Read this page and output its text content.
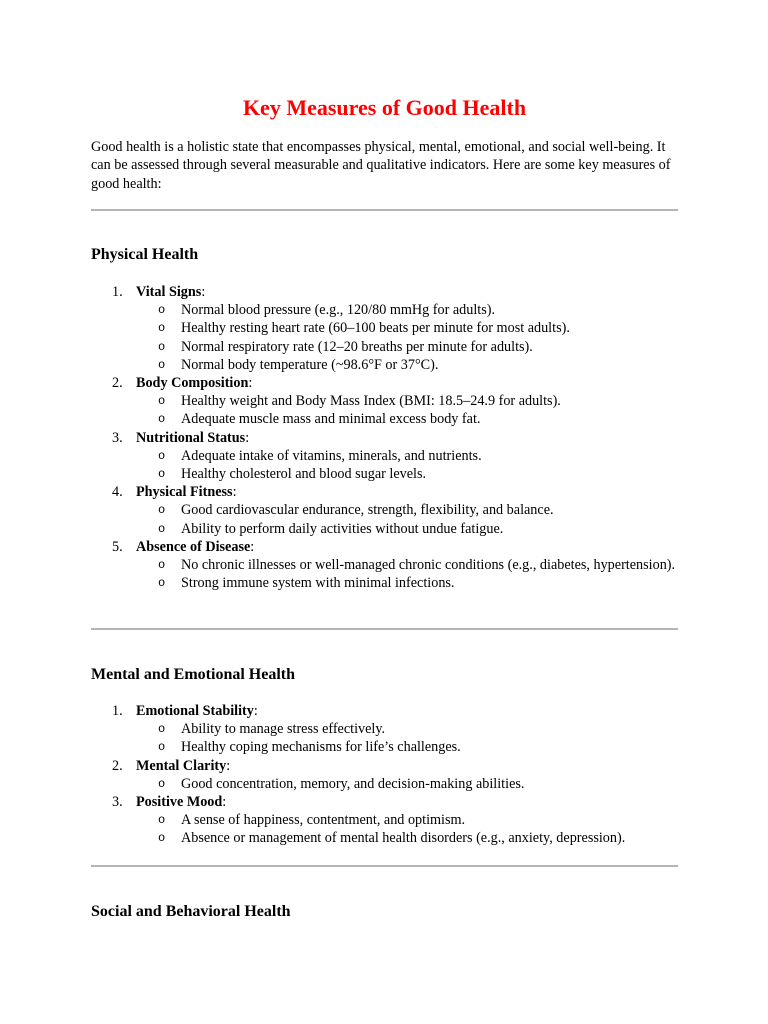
Key Measures of Good Health

Good health is a holistic state that encompasses physical, mental, emotional, and social well-being. It can be assessed through several measurable and qualitative indicators. Here are some key measures of good health:

Physical Health
1. Vital Signs:
o Normal blood pressure (e.g., 120/80 mmHg for adults).
o Healthy resting heart rate (60–100 beats per minute for most adults).
o Normal respiratory rate (12–20 breaths per minute for adults).
o Normal body temperature (~98.6°F or 37°C).
2. Body Composition:
o Healthy weight and Body Mass Index (BMI: 18.5–24.9 for adults).
o Adequate muscle mass and minimal excess body fat.
3. Nutritional Status:
o Adequate intake of vitamins, minerals, and nutrients.
o Healthy cholesterol and blood sugar levels.
4. Physical Fitness:
o Good cardiovascular endurance, strength, flexibility, and balance.
o Ability to perform daily activities without undue fatigue.
5. Absence of Disease:
o No chronic illnesses or well-managed chronic conditions (e.g., diabetes, hypertension).
o Strong immune system with minimal infections.
Mental and Emotional Health
1. Emotional Stability:
o Ability to manage stress effectively.
o Healthy coping mechanisms for life’s challenges.
2. Mental Clarity:
o Good concentration, memory, and decision-making abilities.
3. Positive Mood:
o A sense of happiness, contentment, and optimism.
o Absence or management of mental health disorders (e.g., anxiety, depression).
Social and Behavioral Health
